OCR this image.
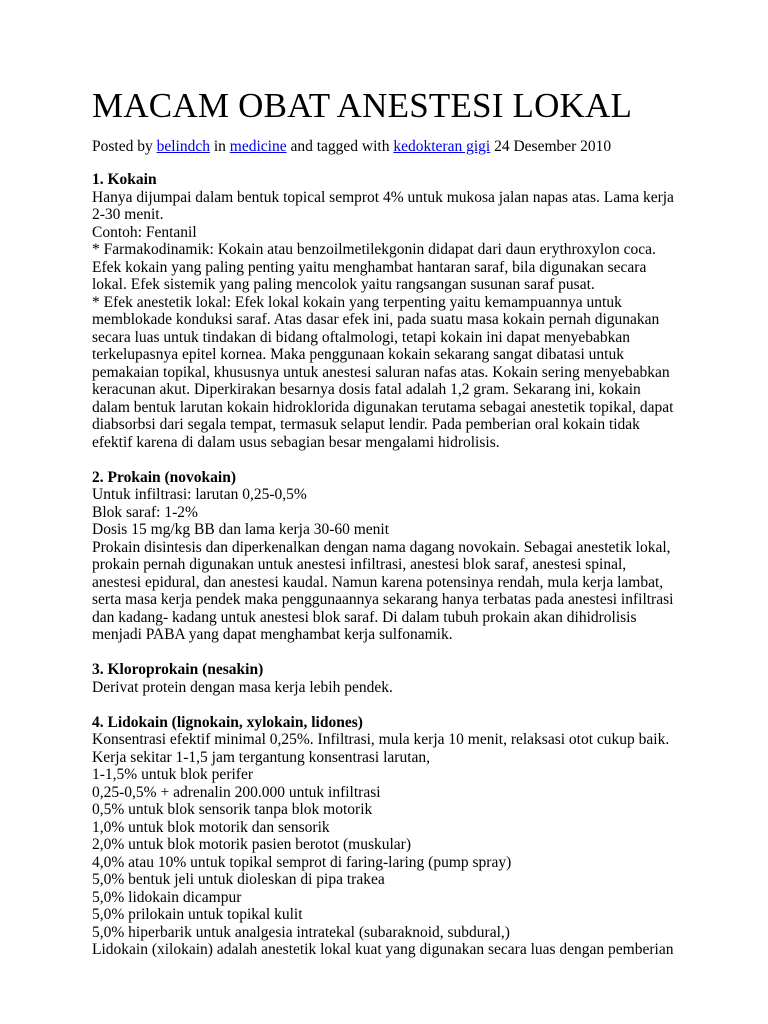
MACAM OBAT ANESTESI LOKAL
Posted by belindch in medicine and tagged with kedokteran gigi 24 Desember 2010
1. Kokain
Hanya dijumpai dalam bentuk topical semprot 4% untuk mukosa jalan napas atas. Lama kerja
2-30 menit.
Contoh: Fentanil
* Farmakodinamik: Kokain atau benzoilmetilekgonin didapat dari daun erythroxylon coca.
Efek kokain yang paling penting yaitu menghambat hantaran saraf, bila digunakan secara
lokal. Efek sistemik yang paling mencolok yaitu rangsangan susunan saraf pusat.
* Efek anestetik lokal: Efek lokal kokain yang terpenting yaitu kemampuannya untuk
memblokade konduksi saraf. Atas dasar efek ini, pada suatu masa kokain pernah digunakan
secara luas untuk tindakan di bidang oftalmologi, tetapi kokain ini dapat menyebabkan
terkelupasnya epitel kornea. Maka penggunaan kokain sekarang sangat dibatasi untuk
pemakaian topikal, khususnya untuk anestesi saluran nafas atas. Kokain sering menyebabkan
keracunan akut. Diperkirakan besarnya dosis fatal adalah 1,2 gram. Sekarang ini, kokain
dalam bentuk larutan kokain hidroklorida digunakan terutama sebagai anestetik topikal, dapat
diabsorbsi dari segala tempat, termasuk selaput lendir. Pada pemberian oral kokain tidak
efektif karena di dalam usus sebagian besar mengalami hidrolisis.
2. Prokain (novokain)
Untuk infiltrasi: larutan 0,25-0,5%
Blok saraf: 1-2%
Dosis 15 mg/kg BB dan lama kerja 30-60 menit
Prokain disintesis dan diperkenalkan dengan nama dagang novokain. Sebagai anestetik lokal,
prokain pernah digunakan untuk anestesi infiltrasi, anestesi blok saraf, anestesi spinal,
anestesi epidural, dan anestesi kaudal. Namun karena potensinya rendah, mula kerja lambat,
serta masa kerja pendek maka penggunaannya sekarang hanya terbatas pada anestesi infiltrasi
dan kadang- kadang untuk anestesi blok saraf. Di dalam tubuh prokain akan dihidrolisis
menjadi PABA yang dapat menghambat kerja sulfonamik.
3. Kloroprokain (nesakin)
Derivat protein dengan masa kerja lebih pendek.
4. Lidokain (lignokain, xylokain, lidones)
Konsentrasi efektif minimal 0,25%. Infiltrasi, mula kerja 10 menit, relaksasi otot cukup baik.
Kerja sekitar 1-1,5 jam tergantung konsentrasi larutan,
1-1,5% untuk blok perifer
0,25-0,5% + adrenalin 200.000 untuk infiltrasi
0,5% untuk blok sensorik tanpa blok motorik
1,0% untuk blok motorik dan sensorik
2,0% untuk blok motorik pasien berotot (muskular)
4,0% atau 10% untuk topikal semprot di faring-laring (pump spray)
5,0% bentuk jeli untuk dioleskan di pipa trakea
5,0% lidokain dicampur
5,0% prilokain untuk topikal kulit
5,0% hiperbarik untuk analgesia intratekal (subaraknoid, subdural,)
Lidokain (xilokain) adalah anestetik lokal kuat yang digunakan secara luas dengan pemberian
